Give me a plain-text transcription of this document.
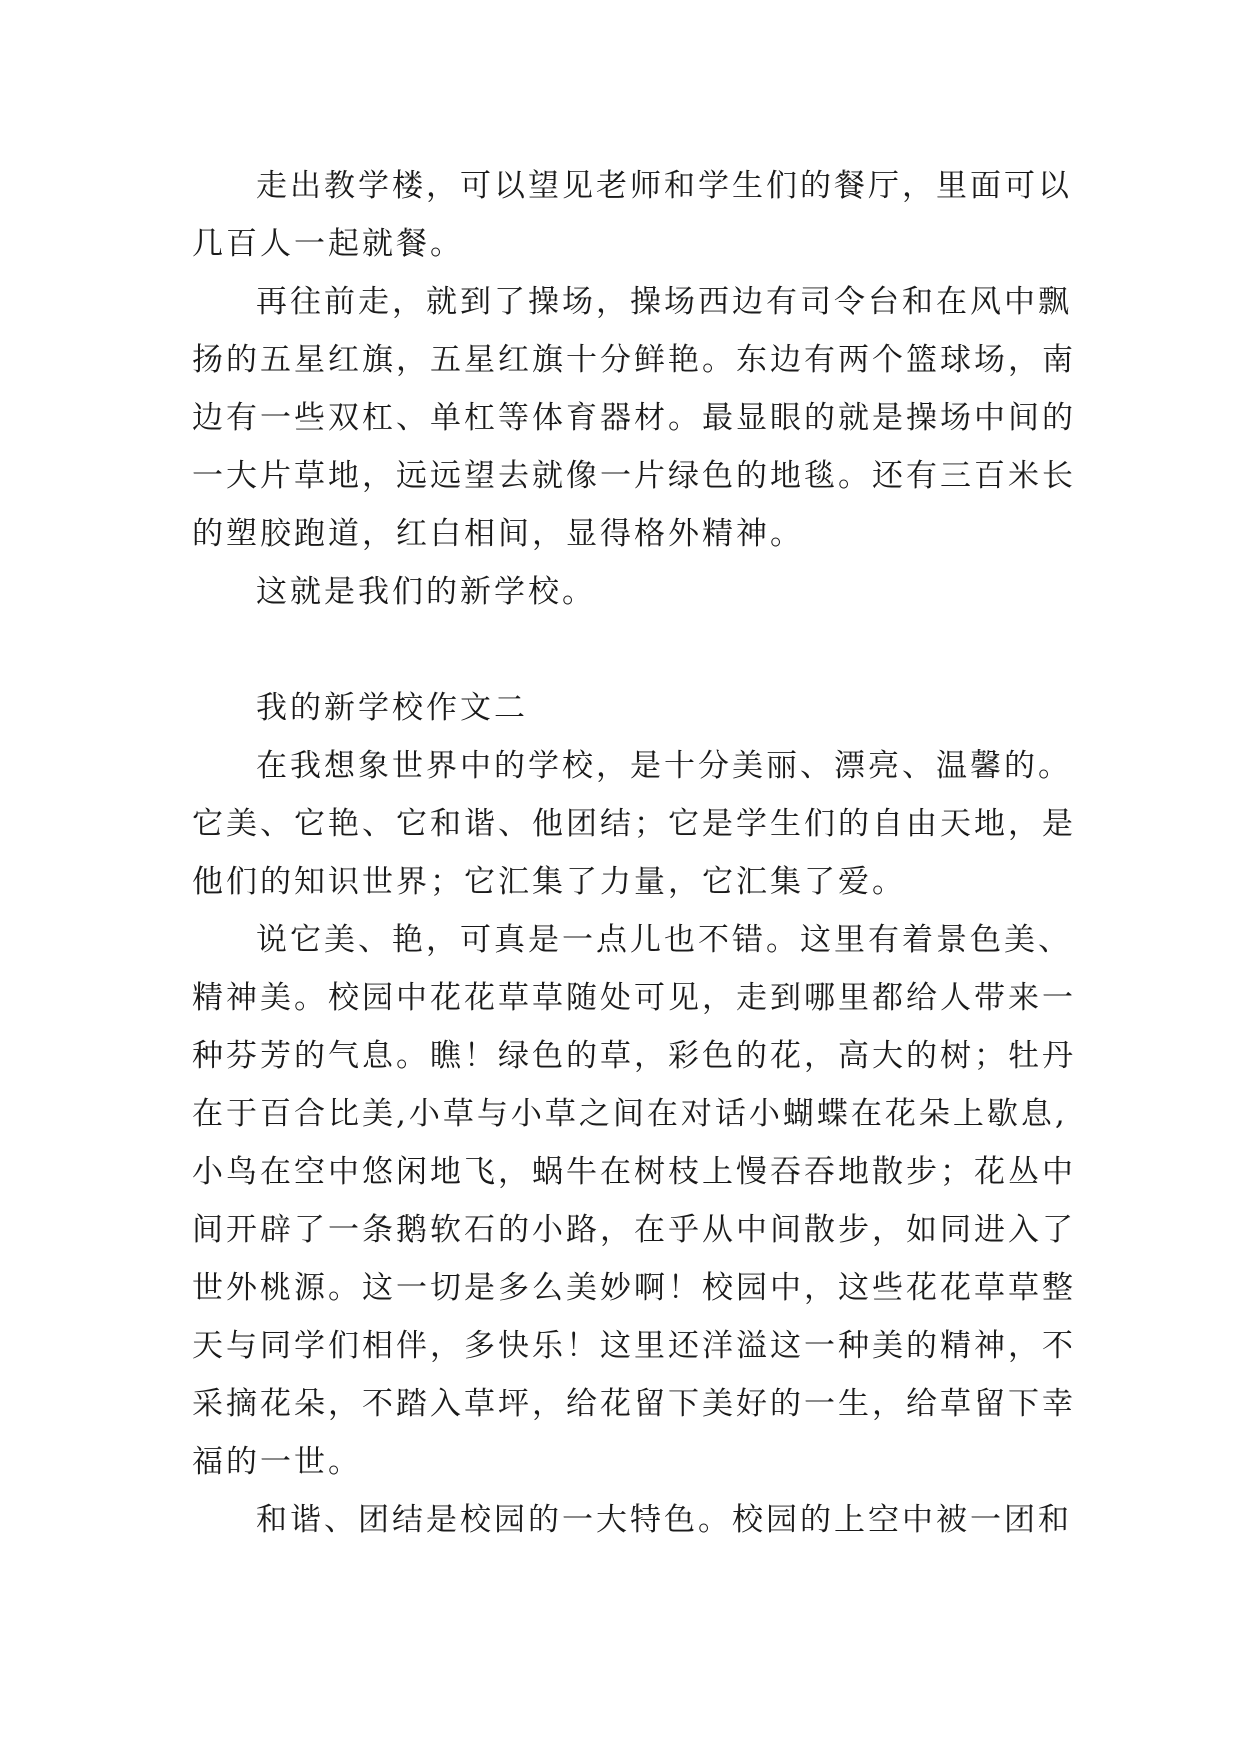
走出教学楼，可以望见老师和学生们的餐厅，里面可以
几百人一起就餐。
再往前走，就到了操场，操场西边有司令台和在风中飘
扬的五星红旗，五星红旗十分鲜艳。东边有两个篮球场，南
边有一些双杠、单杠等体育器材。最显眼的就是操场中间的
一大片草地，远远望去就像一片绿色的地毯。还有三百米长
的塑胶跑道，红白相间，显得格外精神。
这就是我们的新学校。
我的新学校作文二
在我想象世界中的学校，是十分美丽、漂亮、温馨的。
它美、它艳、它和谐、他团结；它是学生们的自由天地，是
他们的知识世界；它汇集了力量，它汇集了爱。
说它美、艳，可真是一点儿也不错。这里有着景色美、
精神美。校园中花花草草随处可见，走到哪里都给人带来一
种芬芳的气息。瞧！绿色的草，彩色的花，高大的树；牡丹
在于百合比美,小草与小草之间在对话小蝴蝶在花朵上歇息,
小鸟在空中悠闲地飞，蜗牛在树枝上慢吞吞地散步；花丛中
间开辟了一条鹅软石的小路，在乎从中间散步，如同进入了
世外桃源。这一切是多么美妙啊！校园中，这些花花草草整
天与同学们相伴，多快乐！这里还洋溢这一种美的精神，不
采摘花朵，不踏入草坪，给花留下美好的一生，给草留下幸
福的一世。
和谐、团结是校园的一大特色。校园的上空中被一团和
